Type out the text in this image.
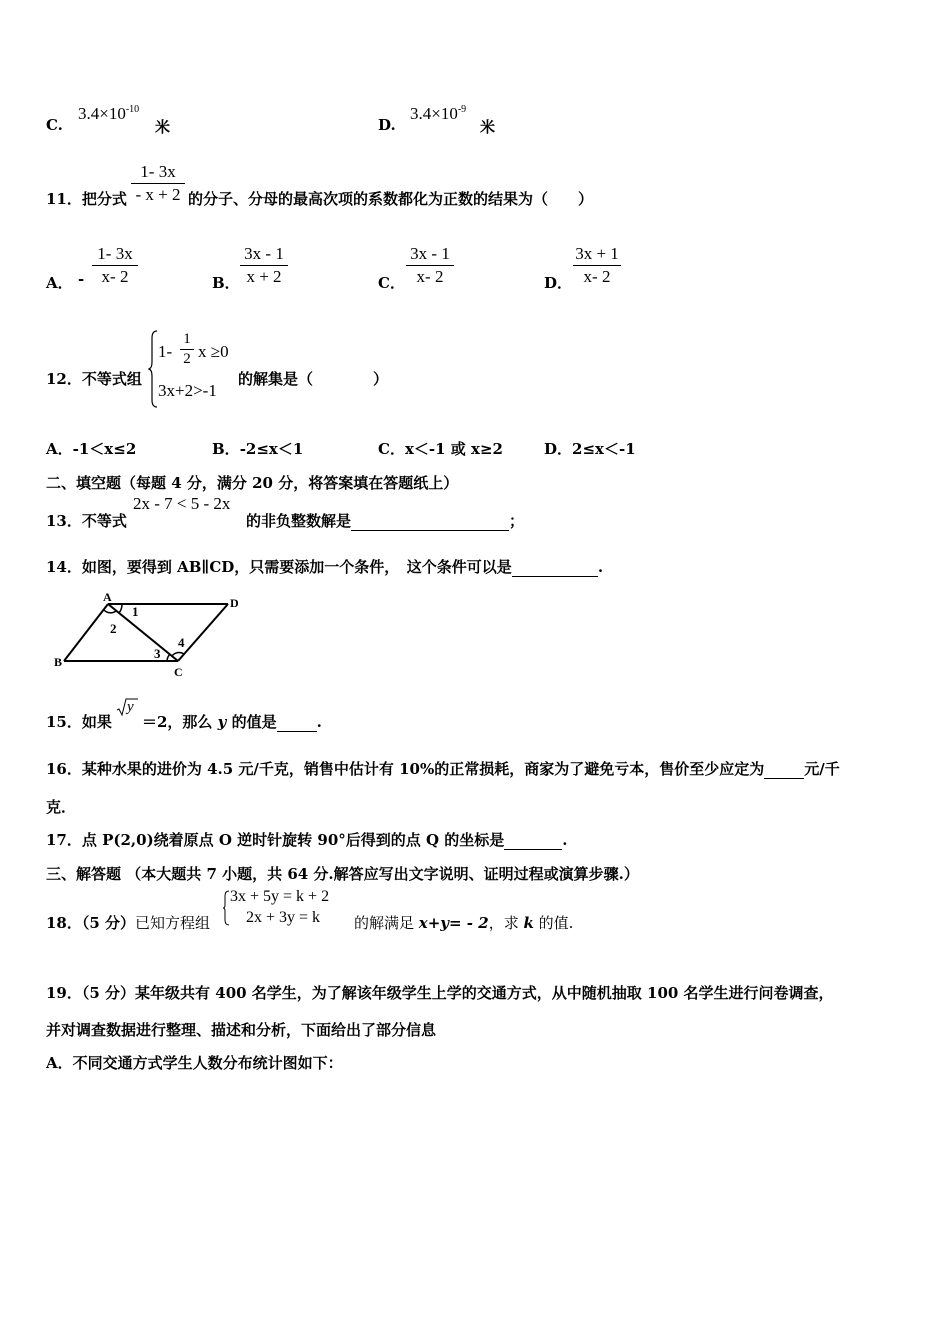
C.
$3.4\times 10^{-10}$
米	D.
$3.4\times 10^{-9}$
米
11．把分式 $\frac{1- 3x}{- x + 2}$ 的分子、分母的最高次项的系数都化为正数的结果为（　　）
A． - $\frac{1- 3x}{x- 2}$	B． $\frac{3x - 1}{x + 2}$	C． $\frac{3x - 1}{x- 2}$	D． $\frac{3x + 1}{x- 2}$
12．不等式组
$1- \frac{1}{2}$ x ≥0
3x+2>-1
的解集是（　　　　）
A．-1＜x≤2	B．-2≤x＜1	C．x＜-1 或 x≥2	D．2≤x＜-1
二、填空题（每题 4 分，满分 20 分，将答案填在答题纸上）
13．不等式
2x - 7 < 5 - 2x
的非负整数解是	；
14．如图，要得到 AB∥CD，只需要添加一个条件，　这个条件可以是	.
A	D
B
C
1
2
3
4
15．如果
y
＝2，那么 y 的值是	.
16．某种水果的进价为 4.5 元/千克，销售中估计有 10%的正常损耗，商家为了避免亏本，售价至少应定为	元/千
克．
17．点 P(2,0)绕着原点 O 逆时针旋转 90°后得到的点 Q 的坐标是	.
三、解答题 （本大题共 7 小题，共 64 分.解答应写出文字说明、证明过程或演算步骤.）
18．（5 分）已知方程组
3x + 5y = k + 2
2x + 3y = k 的解满足 x+y= - 2，求 k 的值.
19．（5 分）某年级共有 400 名学生，为了解该年级学生上学的交通方式，从中随机抽取 100 名学生进行问卷调查，
并对调查数据进行整理、描述和分析，下面给出了部分信息
A．不同交通方式学生人数分布统计图如下：
